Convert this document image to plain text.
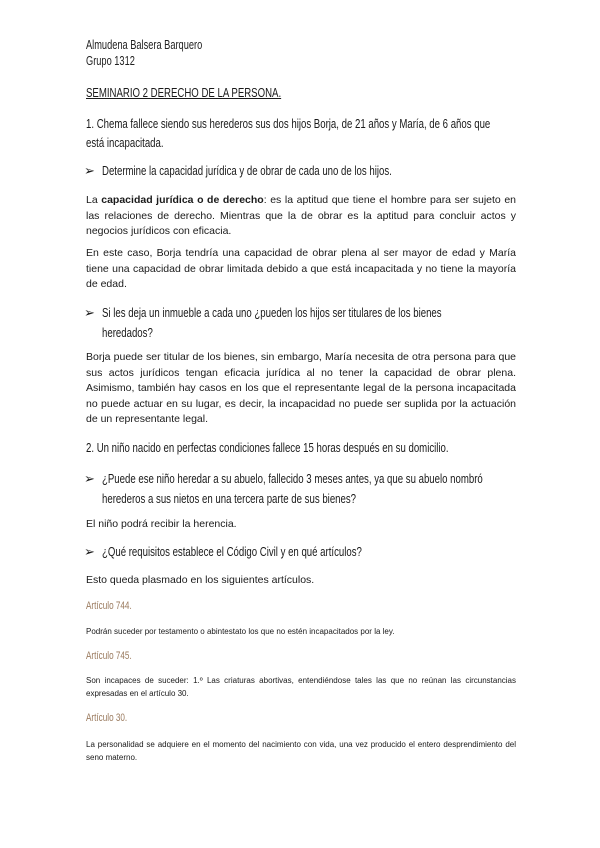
Almudena Balsera Barquero
Grupo 1312
SEMINARIO 2 DERECHO DE LA PERSONA.
1. Chema fallece siendo sus herederos sus dos hijos Borja, de 21 años y María, de 6 años que
está incapacitada.
➢ Determine la capacidad jurídica y de obrar de cada uno de los hijos.
La capacidad jurídica o de derecho: es la aptitud que tiene el hombre para ser sujeto en las relaciones de derecho. Mientras que la de obrar es la aptitud para concluir actos y negocios jurídicos con eficacia.
En este caso, Borja tendría una capacidad de obrar plena al ser mayor de edad y María tiene una capacidad de obrar limitada debido a que está incapacitada y no tiene la mayoría de edad.
➢ Si les deja un inmueble a cada uno ¿pueden los hijos ser titulares de los bienes
heredados?
Borja puede ser titular de los bienes, sin embargo, María necesita de otra persona para que sus actos jurídicos tengan eficacia jurídica al no tener la capacidad de obrar plena. Asimismo, también hay casos en los que el representante legal de la persona incapacitada no puede actuar en su lugar, es decir, la incapacidad no puede ser suplida por la actuación de un representante legal.
2. Un niño nacido en perfectas condiciones fallece 15 horas después en su domicilio.
➢ ¿Puede ese niño heredar a su abuelo, fallecido 3 meses antes, ya que su abuelo nombró
herederos a sus nietos en una tercera parte de sus bienes?
El niño podrá recibir la herencia.
➢ ¿Qué requisitos establece el Código Civil y en qué artículos?
Esto queda plasmado en los siguientes artículos.
Artículo 744.
Podrán suceder por testamento o abintestato los que no estén incapacitados por la ley.
Artículo 745.
Son incapaces de suceder: 1.º Las criaturas abortivas, entendiéndose tales las que no reúnan las circunstancias expresadas en el artículo 30.
Artículo 30.
La personalidad se adquiere en el momento del nacimiento con vida, una vez producido el entero desprendimiento del seno materno.
